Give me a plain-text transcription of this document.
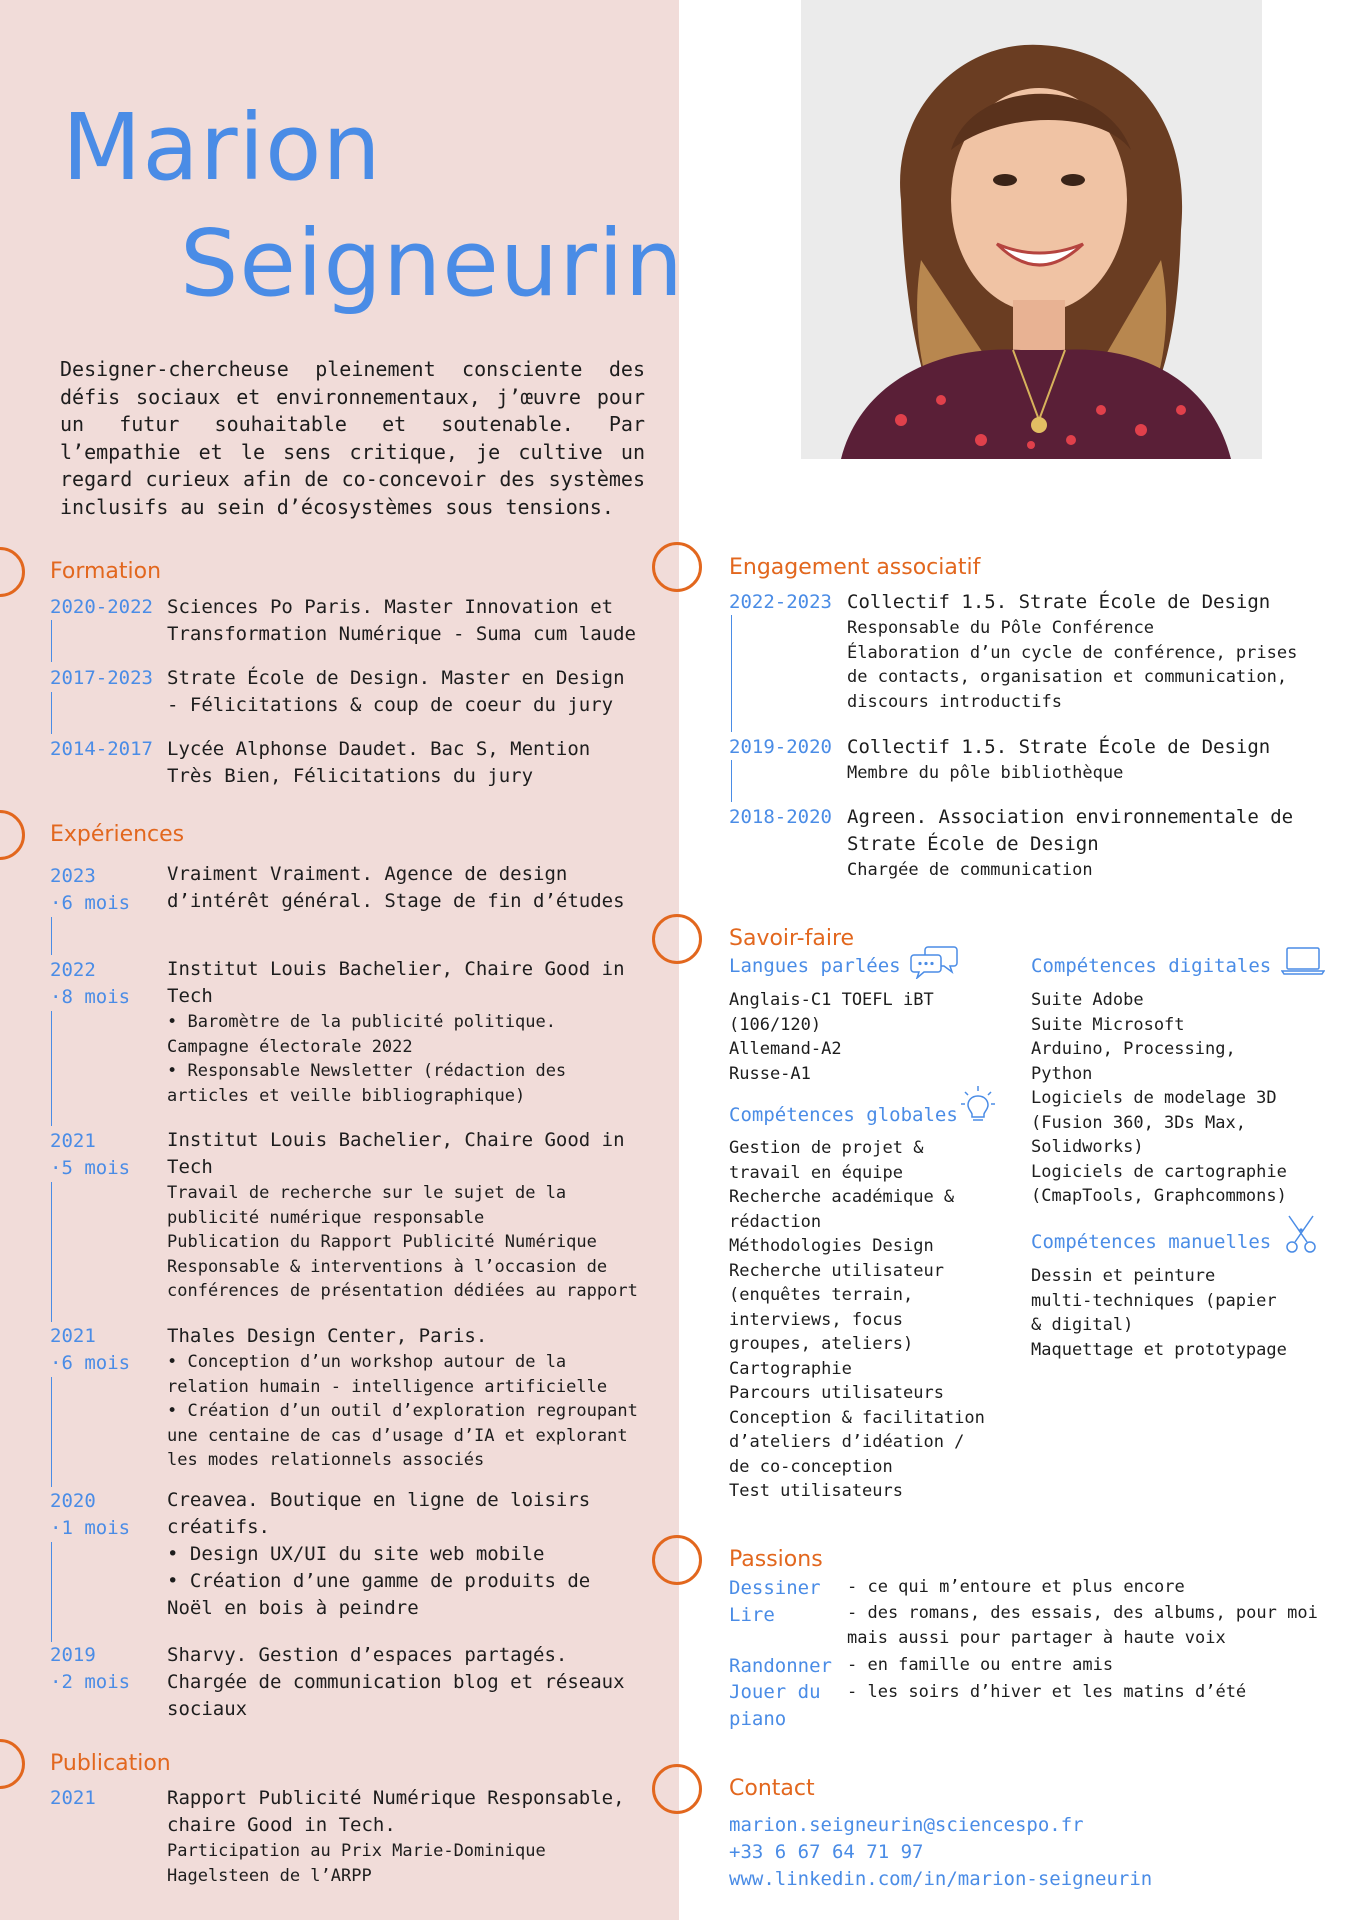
Marion
Seigneurin
Designer-chercheuse pleinement consciente des défis sociaux et environnementaux, j’œuvre pour un futur souhaitable et soutenable. Par l’empathie et le sens critique, je cultive un regard curieux afin de co-concevoir des systèmes inclusifs au sein d’écosystèmes sous tensions.
Formation
2020-2022 Sciences Po Paris. Master Innovation et
Transformation Numérique - Suma cum laude
2017-2023 Strate École de Design. Master en Design
- Félicitations & coup de coeur du jury
2014-2017 Lycée Alphonse Daudet. Bac S, Mention
Très Bien, Félicitations du jury
Expériences
2023
·6 mois
Vraiment Vraiment. Agence de design
d’intérêt général. Stage de fin d’études
2022
·8 mois
Institut Louis Bachelier, Chaire Good in
Tech
• Baromètre de la publicité politique.
Campagne électorale 2022
• Responsable Newsletter (rédaction des
articles et veille bibliographique)
2021
·5 mois
Institut Louis Bachelier, Chaire Good in
Tech
Travail de recherche sur le sujet de la
publicité numérique responsable
Publication du Rapport Publicité Numérique
Responsable & interventions à l’occasion de
conférences de présentation dédiées au rapport
2021
·6 mois
Thales Design Center, Paris.
• Conception d’un workshop autour de la
relation humain - intelligence artificielle
• Création d’un outil d’exploration regroupant
une centaine de cas d’usage d’IA et explorant
les modes relationnels associés
2020
·1 mois
Creavea. Boutique en ligne de loisirs
créatifs.
• Design UX/UI du site web mobile
• Création d’une gamme de produits de
Noël en bois à peindre
2019
·2 mois
Sharvy. Gestion d’espaces partagés.
Chargée de communication blog et réseaux
sociaux
Publication
2021	Rapport Publicité Numérique Responsable,
chaire Good in Tech.
Participation au Prix Marie-Dominique
Hagelsteen de l’ARPP
Engagement associatif
2022-2023 Collectif 1.5. Strate École de Design
Responsable du Pôle Conférence
Élaboration d’un cycle de conférence, prises
de contacts, organisation et communication,
discours introductifs
2019-2020 Collectif 1.5. Strate École de Design
Membre du pôle bibliothèque
2018-2020 Agreen. Association environnementale de
Strate École de Design
Chargée de communication
Savoir-faire
Langues parlées
Anglais-C1 TOEFL iBT
(106/120)
Allemand-A2
Russe-A1
Compétences globales
Gestion de projet &
travail en équipe
Recherche académique &
rédaction
Méthodologies Design
Recherche utilisateur
(enquêtes terrain,
interviews, focus
groupes, ateliers)
Cartographie
Parcours utilisateurs
Conception & facilitation
d’ateliers d’idéation /
de co-conception
Test utilisateurs
Compétences digitales
Suite Adobe
Suite Microsoft
Arduino, Processing,
Python
Logiciels de modelage 3D
(Fusion 360, 3Ds Max,
Solidworks)
Logiciels de cartographie
(CmapTools, Graphcommons)
Compétences manuelles
Dessin et peinture
multi-techniques (papier
& digital)
Maquettage et prototypage
Passions
Dessiner - ce qui m’entoure et plus encore
Lire	- des romans, des essais, des albums, pour moi
mais aussi pour partager à haute voix
Randonner - en famille ou entre amis
Jouer du
piano
- les soirs d’hiver et les matins d’été
Contact
marion.seigneurin@sciencespo.fr
+33 6 67 64 71 97
www.linkedin.com/in/marion-seigneurin
